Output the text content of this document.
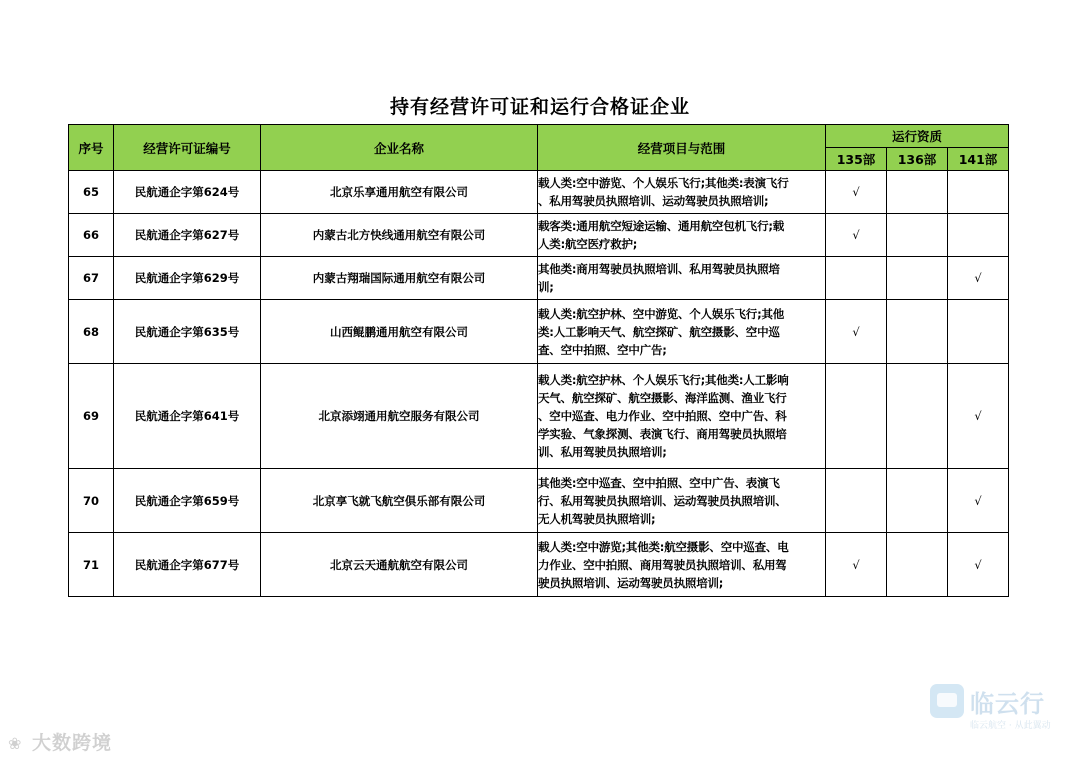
持有经营许可证和运行合格证企业
序号	经营许可证编号	企业名称	经营项目与范围	运行资质		
				135部	136部	141部
65	民航通企字第624号	北京乐享通用航空有限公司	载人类:空中游览、个人娱乐飞行;其他类:表演飞行
、私用驾驶员执照培训、运动驾驶员执照培训;	√		
66	民航通企字第627号	内蒙古北方快线通用航空有限公司	载客类:通用航空短途运输、通用航空包机飞行;载
人类:航空医疗救护;	√		
67	民航通企字第629号	内蒙古翔瑞国际通用航空有限公司	其他类:商用驾驶员执照培训、私用驾驶员执照培
训;			√
68	民航通企字第635号	山西鲲鹏通用航空有限公司	载人类:航空护林、空中游览、个人娱乐飞行;其他
类:人工影响天气、航空探矿、航空摄影、空中巡
查、空中拍照、空中广告;	√		
69	民航通企字第641号	北京添翊通用航空服务有限公司	载人类:航空护林、个人娱乐飞行;其他类:人工影响
天气、航空探矿、航空摄影、海洋监测、渔业飞行
、空中巡查、电力作业、空中拍照、空中广告、科
学实验、气象探测、表演飞行、商用驾驶员执照培
训、私用驾驶员执照培训;			√
70	民航通企字第659号	北京享飞就飞航空俱乐部有限公司	其他类:空中巡查、空中拍照、空中广告、表演飞
行、私用驾驶员执照培训、运动驾驶员执照培训、
无人机驾驶员执照培训;			√
71	民航通企字第677号	北京云天通航航空有限公司	载人类:空中游览;其他类:航空摄影、空中巡查、电
力作业、空中拍照、商用驾驶员执照培训、私用驾
驶员执照培训、运动驾驶员执照培训;	√		√
❀ 大数跨境
临云行
临云航空 · 从此翼动
